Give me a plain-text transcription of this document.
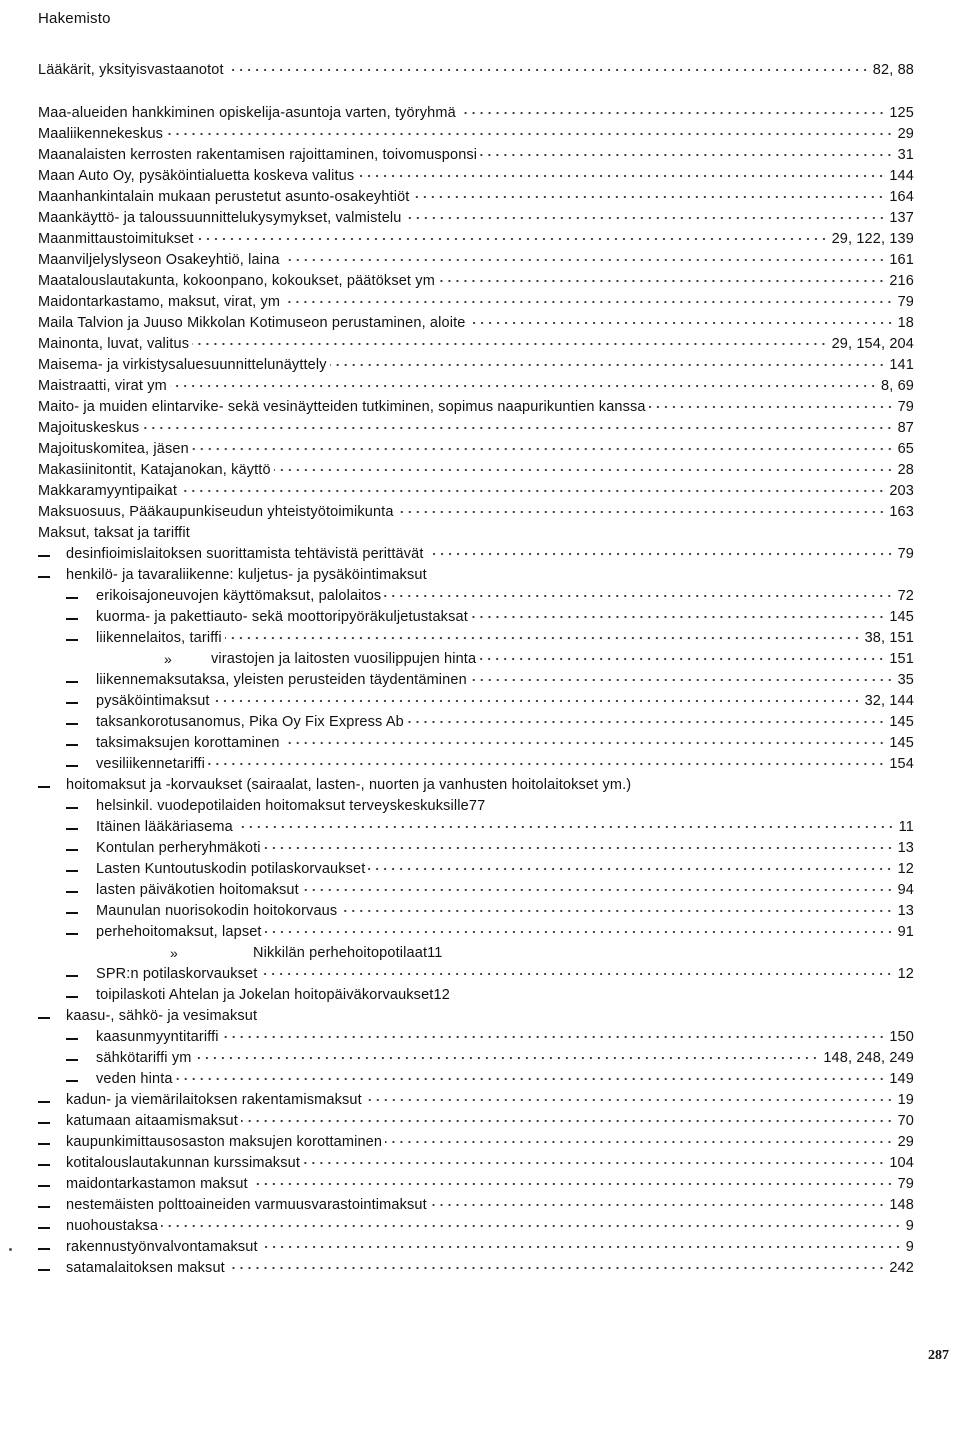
Hakemisto
Lääkärit, yksityisvastaanotot	82, 88
Maa-alueiden hankkiminen opiskelija-asuntoja varten, työryhmä	125
Maaliikennekeskus	29
Maanalaisten kerrosten rakentamisen rajoittaminen, toivomusponsi	31
Maan Auto Oy, pysäköintialuetta koskeva valitus	144
Maanhankintalain mukaan perustetut asunto-osakeyhtiöt	164
Maankäyttö- ja taloussuunnittelukysymykset, valmistelu	137
Maanmittaustoimitukset	29, 122, 139
Maanviljelyslyseon Osakeyhtiö, laina	161
Maatalouslautakunta, kokoonpano, kokoukset, päätökset ym	216
Maidontarkastamo, maksut, virat, ym	79
Maila Talvion ja Juuso Mikkolan Kotimuseon perustaminen, aloite	18
Mainonta, luvat, valitus	29, 154, 204
Maisema- ja virkistysaluesuunnittelunäyttely	141
Maistraatti, virat ym	8, 69
Maito- ja muiden elintarvike- sekä vesinäytteiden tutkiminen, sopimus naapurikuntien kanssa	79
Majoituskeskus	87
Majoituskomitea, jäsen	65
Makasiinitontit, Katajanokan, käyttö	28
Makkaramyyntipaikat	203
Maksuosuus, Pääkaupunkiseudun yhteistyötoimikunta	163
Maksut, taksat ja tariffit
desinfioimislaitoksen suorittamista tehtävistä perittävät	79
henkilö- ja tavaraliikenne: kuljetus- ja pysäköintimaksut
erikoisajoneuvojen käyttömaksut, palolaitos	72
kuorma- ja pakettiauto- sekä moottoripyöräkuljetustaksat	145
liikennelaitos, tariffi	38, 151
»	virastojen ja laitosten vuosilippujen hinta	151
liikennemaksutaksa, yleisten perusteiden täydentäminen	35
pysäköintimaksut	32, 144
taksankorotusanomus, Pika Oy Fix Express Ab	145
taksimaksujen korottaminen	145
vesiliikennetariffi	154
hoitomaksut ja -korvaukset (sairaalat, lasten-, nuorten ja vanhusten hoitolaitokset ym.)
helsinkil. vuodepotilaiden hoitomaksut terveyskeskuksille 77
Itäinen lääkäriasema	11
Kontulan perheryhmäkoti	13
Lasten Kuntoutuskodin potilaskorvaukset	12
lasten päiväkotien hoitomaksut	94
Maunulan nuorisokodin hoitokorvaus	13
perhehoitomaksut, lapset	91
»	Nikkilän perhehoitopotilaat 11
SPR:n potilaskorvaukset	12
toipilaskoti Ahtelan ja Jokelan hoitopäiväkorvaukset 12
kaasu-, sähkö- ja vesimaksut
kaasunmyyntitariffi	150
sähkötariffi ym	148, 248, 249
veden hinta	149
kadun- ja viemärilaitoksen rakentamismaksut	19
katumaan aitaamismaksut	70
kaupunkimittausosaston maksujen korottaminen	29
kotitalouslautakunnan kurssimaksut	104
maidontarkastamon maksut	79
nestemäisten polttoaineiden varmuusvarastointimaksut	148
nuohoustaksa	9
rakennustyönvalvontamaksut	9
satamalaitoksen maksut	242
287
